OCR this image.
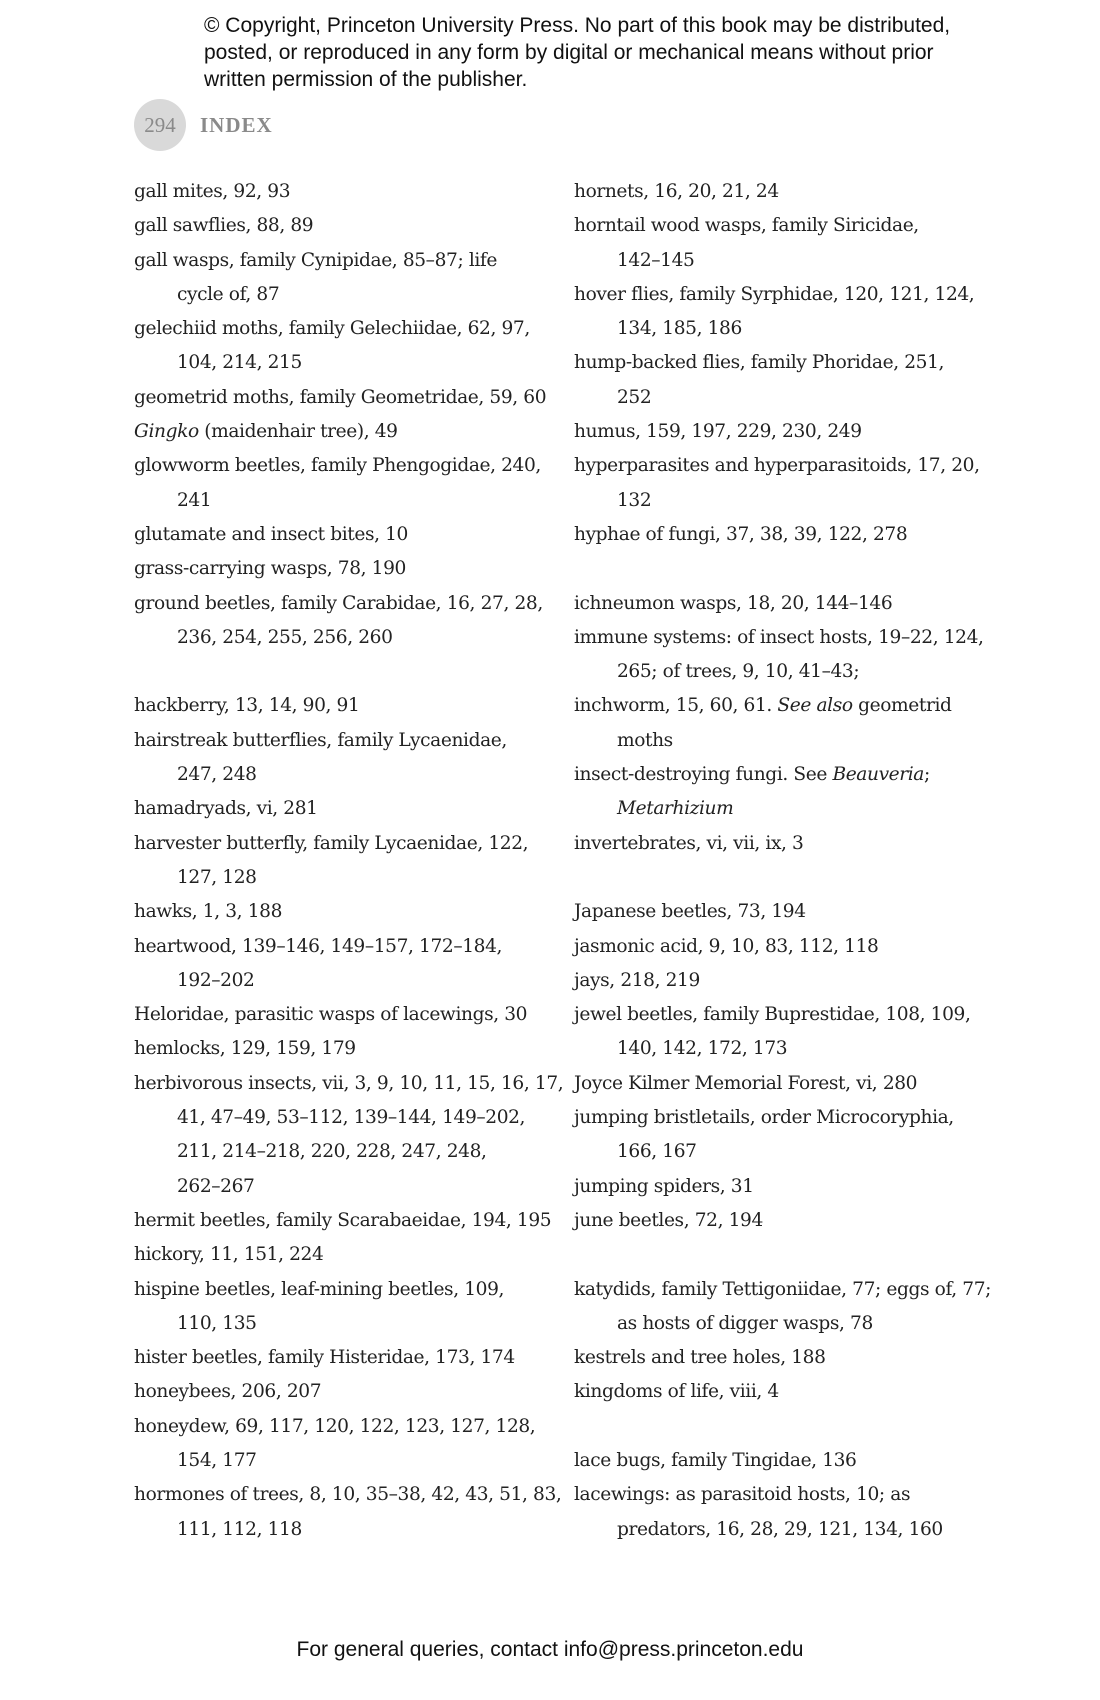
© Copyright, Princeton University Press. No part of this book may be distributed, posted, or reproduced in any form by digital or mechanical means without prior written permission of the publisher.
294	INDEX
gall mites, 92, 93
gall sawflies, 88, 89
gall wasps, family Cynipidae, 85–87; life
cycle of, 87
gelechiid moths, family Gelechiidae, 62, 97,
104, 214, 215
geometrid moths, family Geometridae, 59, 60
Gingko (maidenhair tree), 49
glowworm beetles, family Phengogidae, 240,
241
glutamate and insect bites, 10
grass-carrying wasps, 78, 190
ground beetles, family Carabidae, 16, 27, 28,
236, 254, 255, 256, 260
hackberry, 13, 14, 90, 91
hairstreak butterflies, family Lycaenidae,
247, 248
hamadryads, vi, 281
harvester butterfly, family Lycaenidae, 122,
127, 128
hawks, 1, 3, 188
heartwood, 139–146, 149–157, 172–184,
192–202
Heloridae, parasitic wasps of lacewings, 30
hemlocks, 129, 159, 179
herbivorous insects, vii, 3, 9, 10, 11, 15, 16, 17,
41, 47–49, 53–112, 139–144, 149–202,
211, 214–218, 220, 228, 247, 248,
262–267
hermit beetles, family Scarabaeidae, 194, 195
hickory, 11, 151, 224
hispine beetles, leaf-mining beetles, 109,
110, 135
hister beetles, family Histeridae, 173, 174
honeybees, 206, 207
honeydew, 69, 117, 120, 122, 123, 127, 128,
154, 177
hormones of trees, 8, 10, 35–38, 42, 43, 51, 83,
111, 112, 118
hornets, 16, 20, 21, 24
horntail wood wasps, family Siricidae,
142–145
hover flies, family Syrphidae, 120, 121, 124,
134, 185, 186
hump-backed flies, family Phoridae, 251,
252
humus, 159, 197, 229, 230, 249
hyperparasites and hyperparasitoids, 17, 20,
132
hyphae of fungi, 37, 38, 39, 122, 278
ichneumon wasps, 18, 20, 144–146
immune systems: of insect hosts, 19–22, 124,
265; of trees, 9, 10, 41–43;
inchworm, 15, 60, 61. See also geometrid
moths
insect-destroying fungi. See Beauveria;
Metarhizium
invertebrates, vi, vii, ix, 3
Japanese beetles, 73, 194
jasmonic acid, 9, 10, 83, 112, 118
jays, 218, 219
jewel beetles, family Buprestidae, 108, 109,
140, 142, 172, 173
Joyce Kilmer Memorial Forest, vi, 280
jumping bristletails, order Microcoryphia,
166, 167
jumping spiders, 31
june beetles, 72, 194
katydids, family Tettigoniidae, 77; eggs of, 77;
as hosts of digger wasps, 78
kestrels and tree holes, 188
kingdoms of life, viii, 4
lace bugs, family Tingidae, 136
lacewings: as parasitoid hosts, 10; as
predators, 16, 28, 29, 121, 134, 160
For general queries, contact info@press.princeton.edu
